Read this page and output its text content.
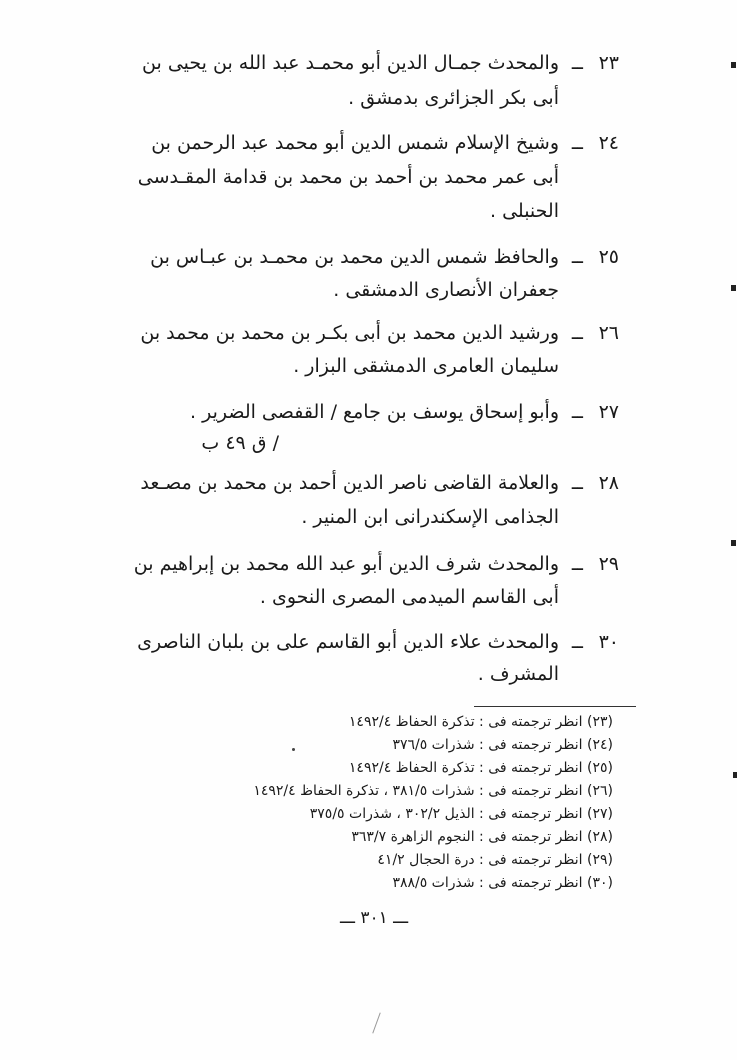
٢٣
ــ
والمحدث جمـال الدين أبو محمـد عبد الله بن يحيى بن
أبى بكر الجزائرى بدمشق .
٢٤
ــ
وشيخ الإسلام شمس الدين أبو محمد عبد الرحمن بن
أبى عمر محمد بن أحمد بن محمد بن قدامة المقـدسى
الحنبلى .
٢٥
ــ
والحافظ شمس الدين محمد بن محمـد بن عبـاس بن
جعفران الأنصارى الدمشقى .
٢٦
ــ
ورشيد الدين محمد بن أبى بكـر بن محمد بن محمد بن
سليمان العامرى الدمشقى البزار .
٢٧
ــ
وأبو إسحاق يوسف بن جامع / القفصى الضرير .
/ ق ٤٩ ب
٢٨
ــ
والعلامة القاضى ناصر الدين أحمد بن محمد بن مصـعد
الجذامى الإسكندرانى ابن المنير .
٢٩
ــ
والمحدث شرف الدين أبو عبد الله محمد بن إبراهيم بن
أبى القاسم الميدمى المصرى النحوى .
٣٠
ــ
والمحدث علاء الدين أبو القاسم على بن بلبان الناصرى
المشرف .
(٢٣) انظر ترجمته فى : تذكرة الحفاظ ١٤٩٢/٤
(٢٤) انظر ترجمته فى : شذرات ٣٧٦/٥
(٢٥) انظر ترجمته فى : تذكرة الحفاظ ١٤٩٢/٤
(٢٦) انظر ترجمته فى : شذرات ٣٨١/٥ ، تذكرة الحفاظ ١٤٩٢/٤
(٢٧) انظر ترجمته فى : الذيل ٣٠٢/٢ ، شذرات ٣٧٥/٥
(٢٨) انظر ترجمته فى : النجوم الزاهرة ٣٦٣/٧
(٢٩) انظر ترجمته فى : درة الحجال ٤١/٢
(٣٠) انظر ترجمته فى : شذرات ٣٨٨/٥
ـــ ٣٠١ ـــ
